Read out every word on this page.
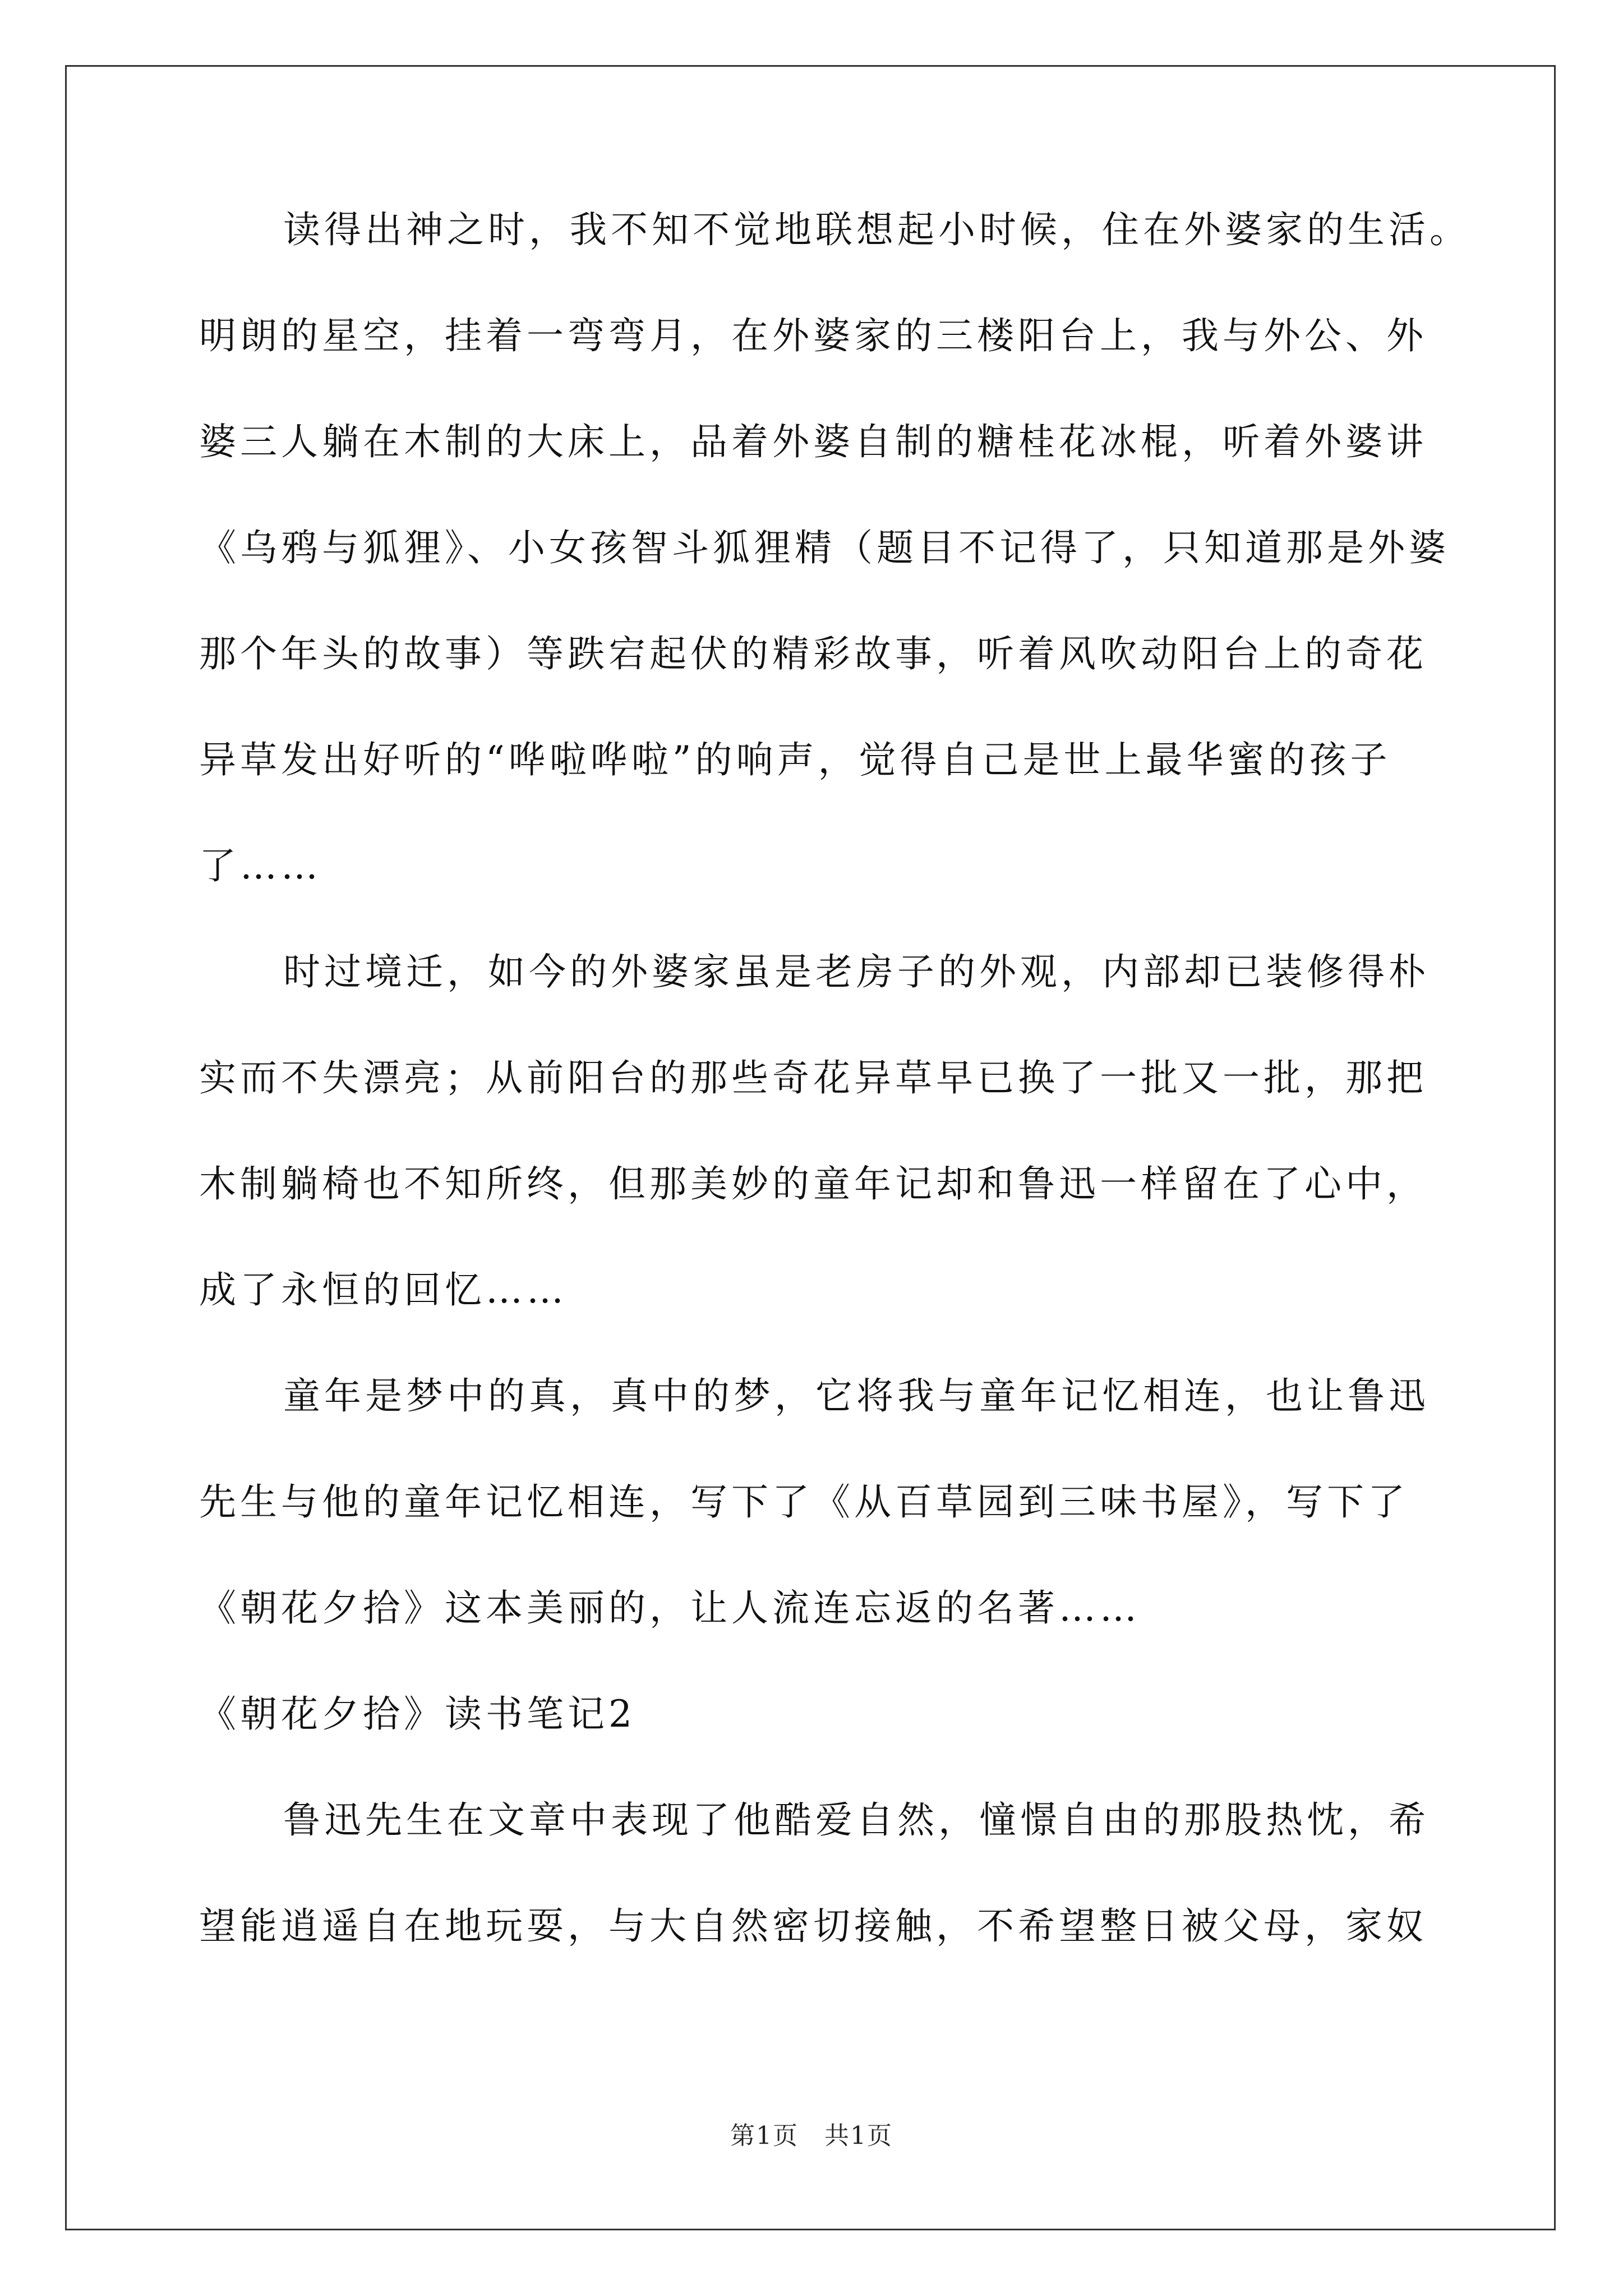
读得出神之时，我不知不觉地联想起小时候，住在外婆家的生活。
明朗的星空，挂着一弯弯月，在外婆家的三楼阳台上，我与外公、外
婆三人躺在木制的大床上，品着外婆自制的糖桂花冰棍，听着外婆讲
《乌鸦与狐狸》、小女孩智斗狐狸精（题目不记得了，只知道那是外婆
那个年头的故事）等跌宕起伏的精彩故事，听着风吹动阳台上的奇花
异草发出好听的“哗啦哗啦”的响声，觉得自己是世上最华蜜的孩子
了……
时过境迁，如今的外婆家虽是老房子的外观，内部却已装修得朴
实而不失漂亮；从前阳台的那些奇花异草早已换了一批又一批，那把
木制躺椅也不知所终，但那美妙的童年记却和鲁迅一样留在了心中，
成了永恒的回忆……
童年是梦中的真，真中的梦，它将我与童年记忆相连，也让鲁迅
先生与他的童年记忆相连，写下了《从百草园到三味书屋》，写下了
《朝花夕拾》这本美丽的，让人流连忘返的名著……
《朝花夕拾》读书笔记2
鲁迅先生在文章中表现了他酷爱自然，憧憬自由的那股热忱，希
望能逍遥自在地玩耍，与大自然密切接触，不希望整日被父母，家奴
第1页　共1页
